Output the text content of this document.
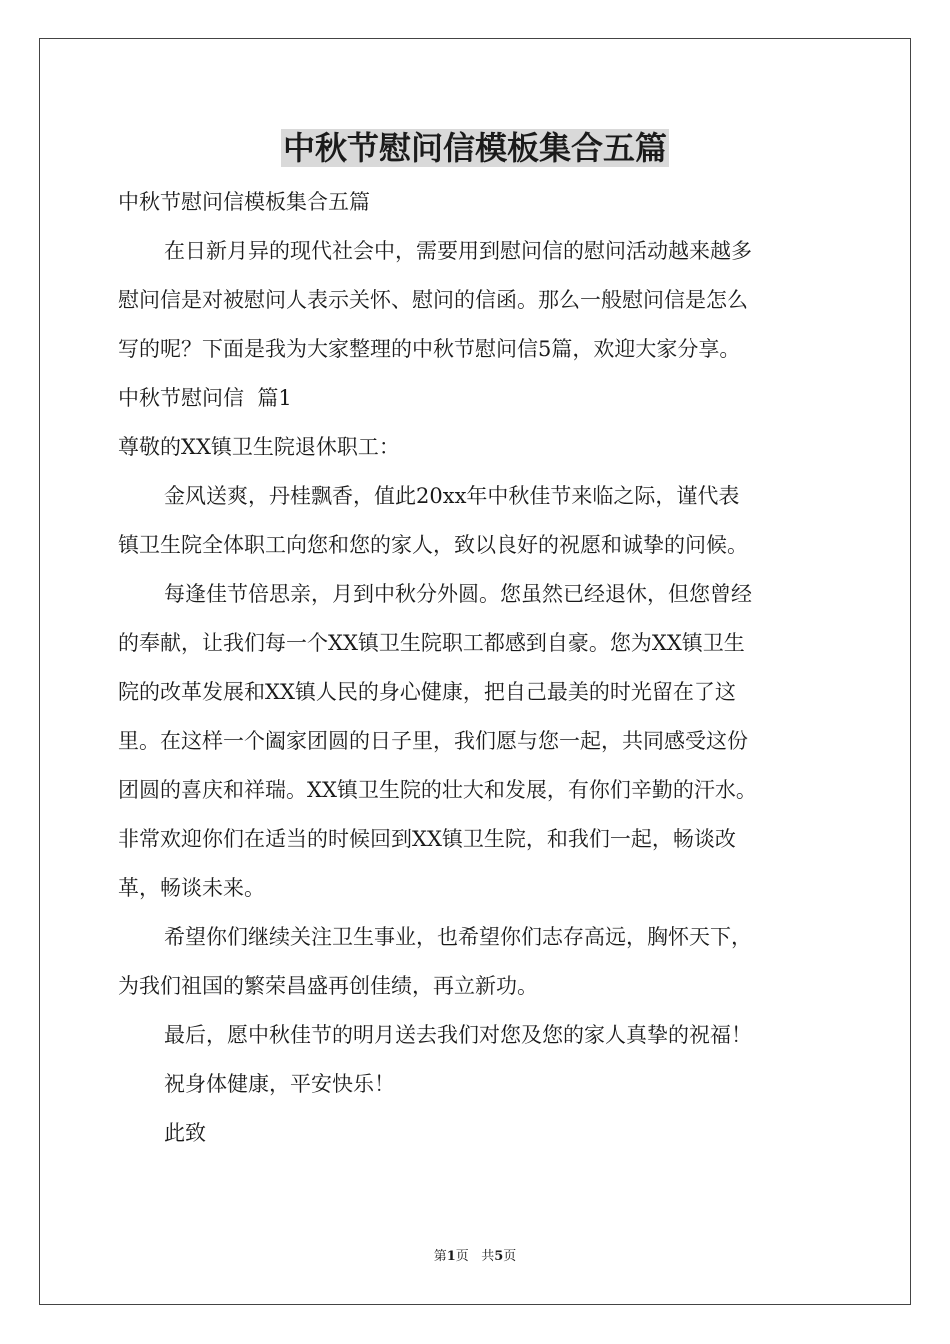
中秋节慰问信模板集合五篇

中秋节慰问信模板集合五篇

在日新月异的现代社会中，需要用到慰问信的慰问活动越来越多

慰问信是对被慰问人表示关怀、慰问的信函。那么一般慰问信是怎么

写的呢？下面是我为大家整理的中秋节慰问信5篇，欢迎大家分享。

中秋节慰问信  篇1

尊敬的XX镇卫生院退休职工：

金风送爽，丹桂飘香，值此20xx年中秋佳节来临之际，谨代表

镇卫生院全体职工向您和您的家人，致以良好的祝愿和诚挚的问候。

每逢佳节倍思亲，月到中秋分外圆。您虽然已经退休，但您曾经

的奉献，让我们每一个XX镇卫生院职工都感到自豪。您为XX镇卫生

院的改革发展和XX镇人民的身心健康，把自己最美的时光留在了这

里。在这样一个阖家团圆的日子里，我们愿与您一起，共同感受这份

团圆的喜庆和祥瑞。XX镇卫生院的壮大和发展，有你们辛勤的汗水。

非常欢迎你们在适当的时候回到XX镇卫生院，和我们一起，畅谈改

革，畅谈未来。

希望你们继续关注卫生事业，也希望你们志存高远，胸怀天下，

为我们祖国的繁荣昌盛再创佳绩，再立新功。

最后，愿中秋佳节的明月送去我们对您及您的家人真挚的祝福！

祝身体健康，平安快乐！

此致

第1页 共5页
